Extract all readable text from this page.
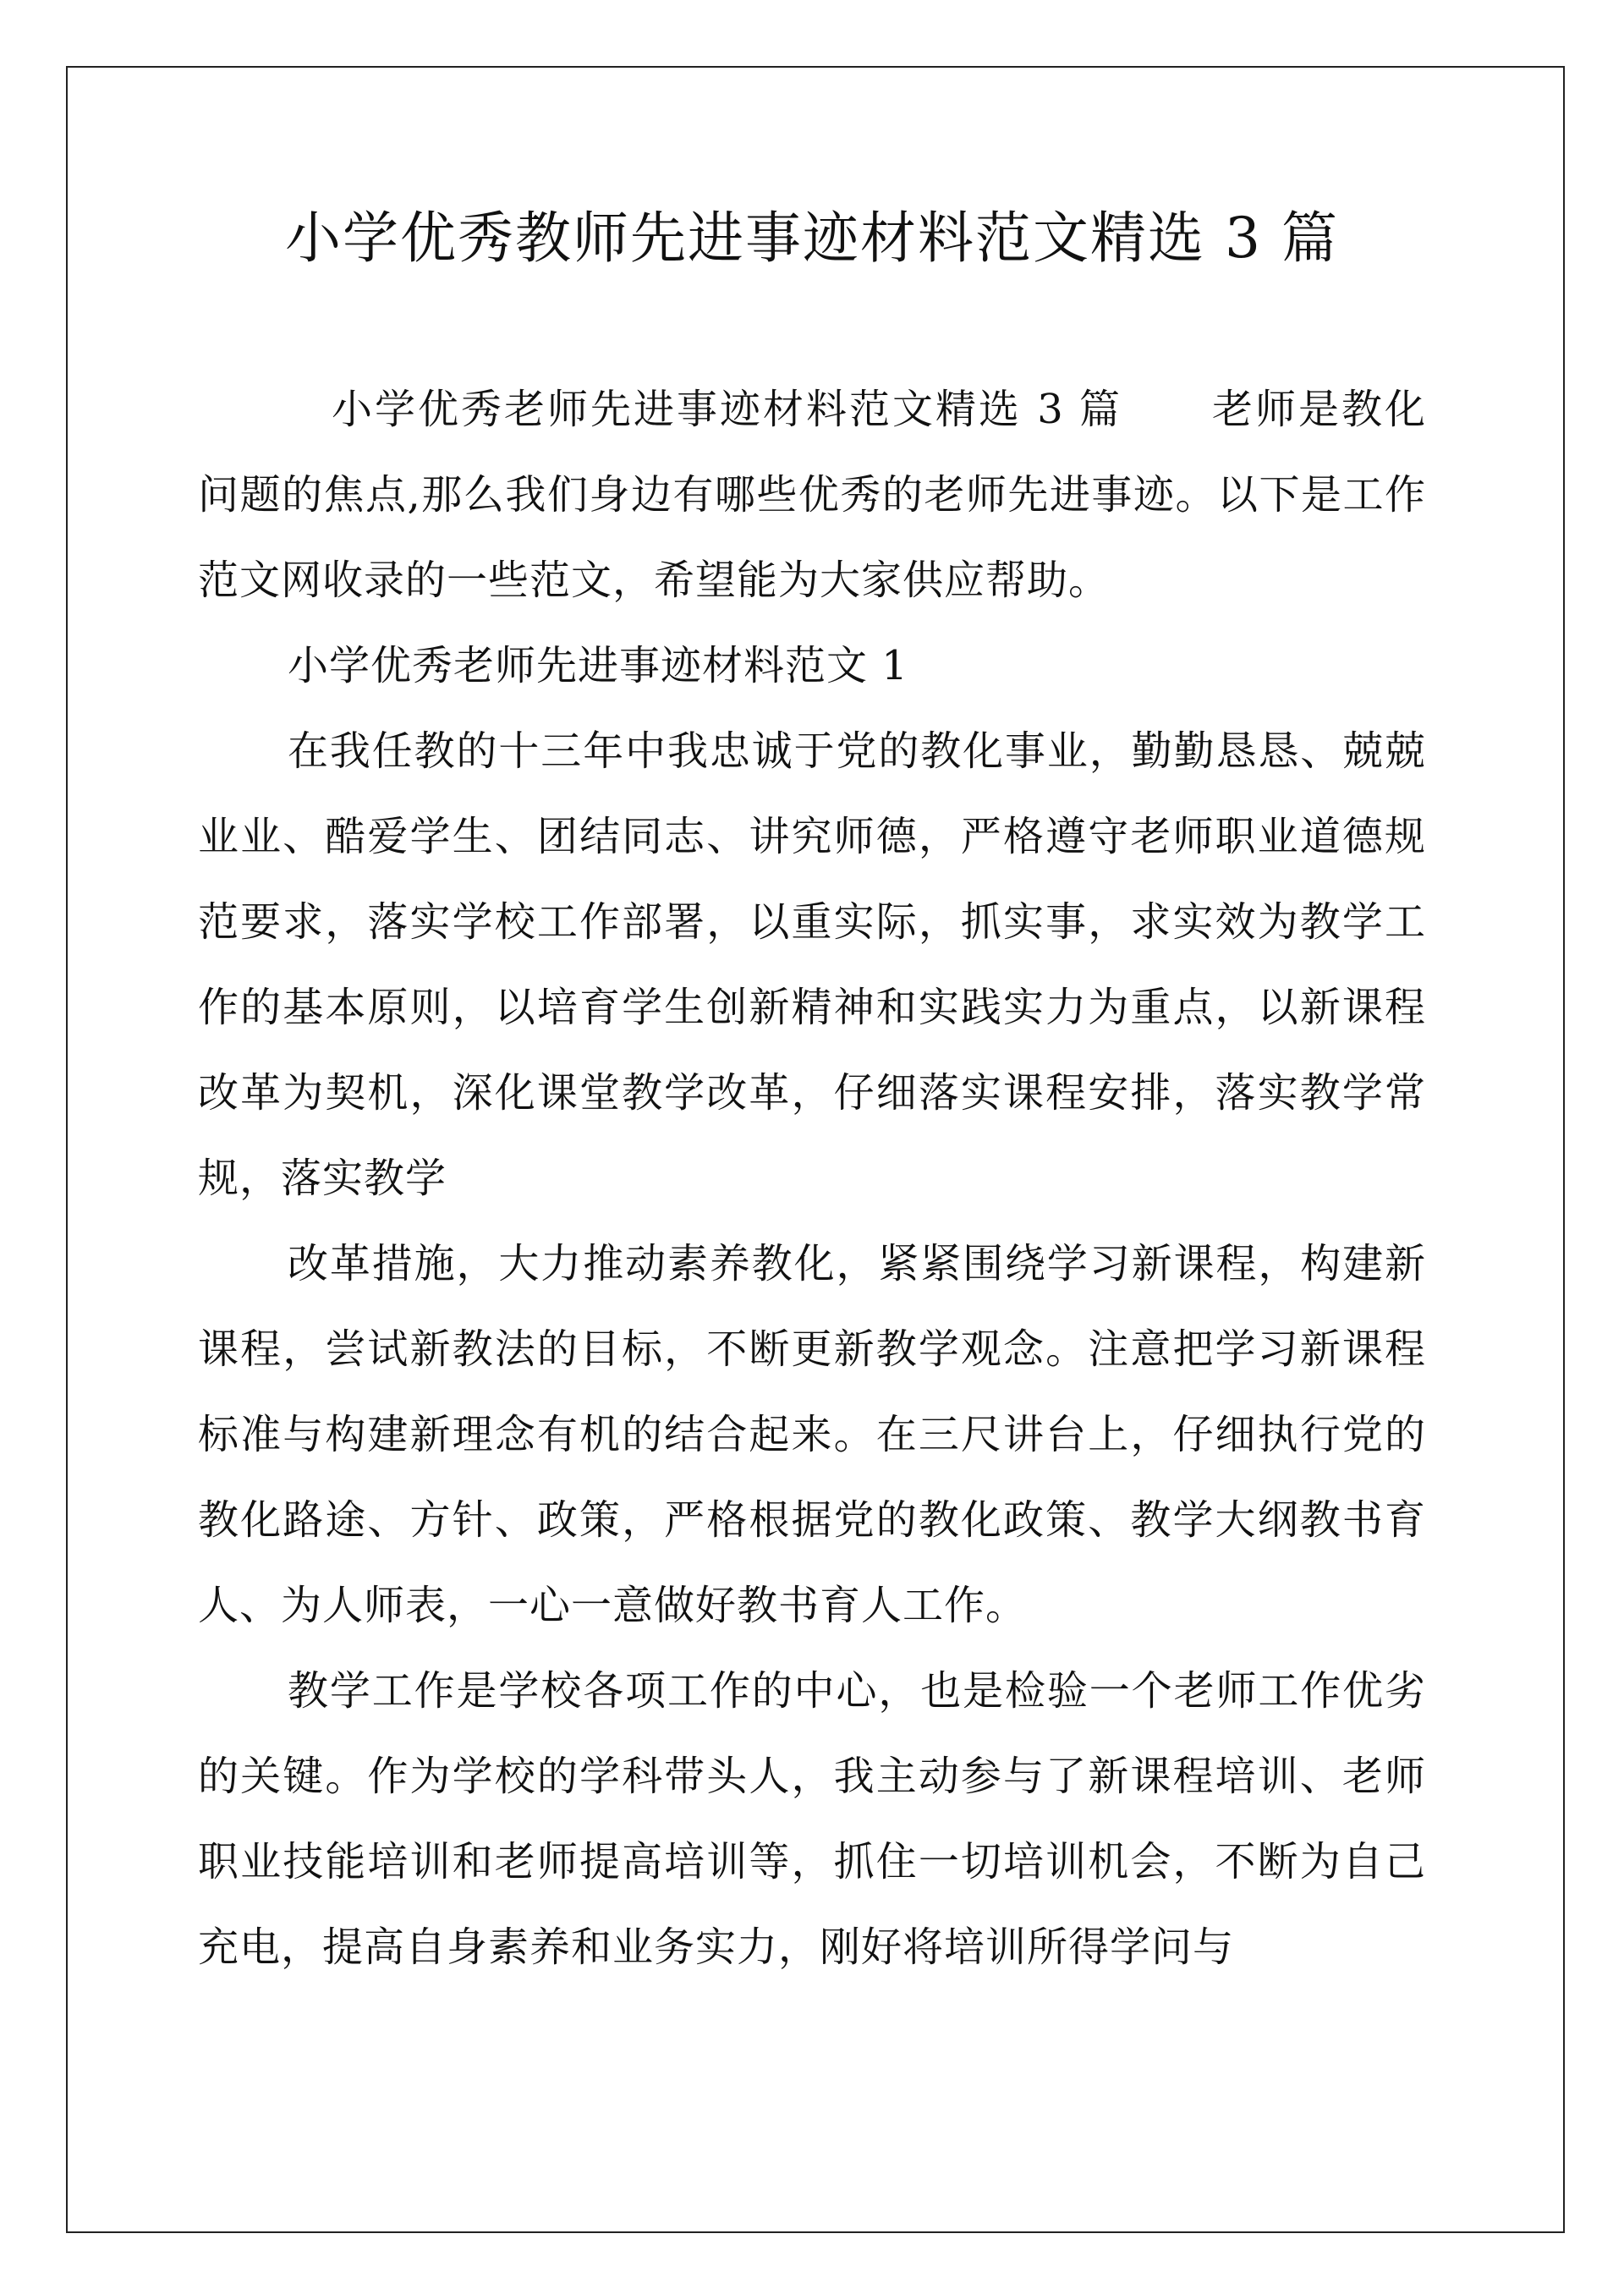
小学优秀教师先进事迹材料范文精选 3 篇

小学优秀老师先进事迹材料范文精选 3 篇 老师是教化问题的焦点,那么我们身边有哪些优秀的老师先进事迹。以下是工作范文网收录的一些范文，希望能为大家供应帮助。

小学优秀老师先进事迹材料范文 1

在我任教的十三年中我忠诚于党的教化事业，勤勤恳恳、兢兢业业、酷爱学生、团结同志、讲究师德，严格遵守老师职业道德规范要求，落实学校工作部署，以重实际，抓实事，求实效为教学工作的基本原则，以培育学生创新精神和实践实力为重点，以新课程改革为契机，深化课堂教学改革，仔细落实课程安排，落实教学常规，落实教学

改革措施，大力推动素养教化，紧紧围绕学习新课程，构建新课程，尝试新教法的目标，不断更新教学观念。注意把学习新课程标准与构建新理念有机的结合起来。在三尺讲台上，仔细执行党的教化路途、方针、政策，严格根据党的教化政策、教学大纲教书育人、为人师表，一心一意做好教书育人工作。

教学工作是学校各项工作的中心，也是检验一个老师工作优劣的关键。作为学校的学科带头人，我主动参与了新课程培训、老师职业技能培训和老师提高培训等，抓住一切培训机会，不断为自己充电，提高自身素养和业务实力，刚好将培训所得学问与
